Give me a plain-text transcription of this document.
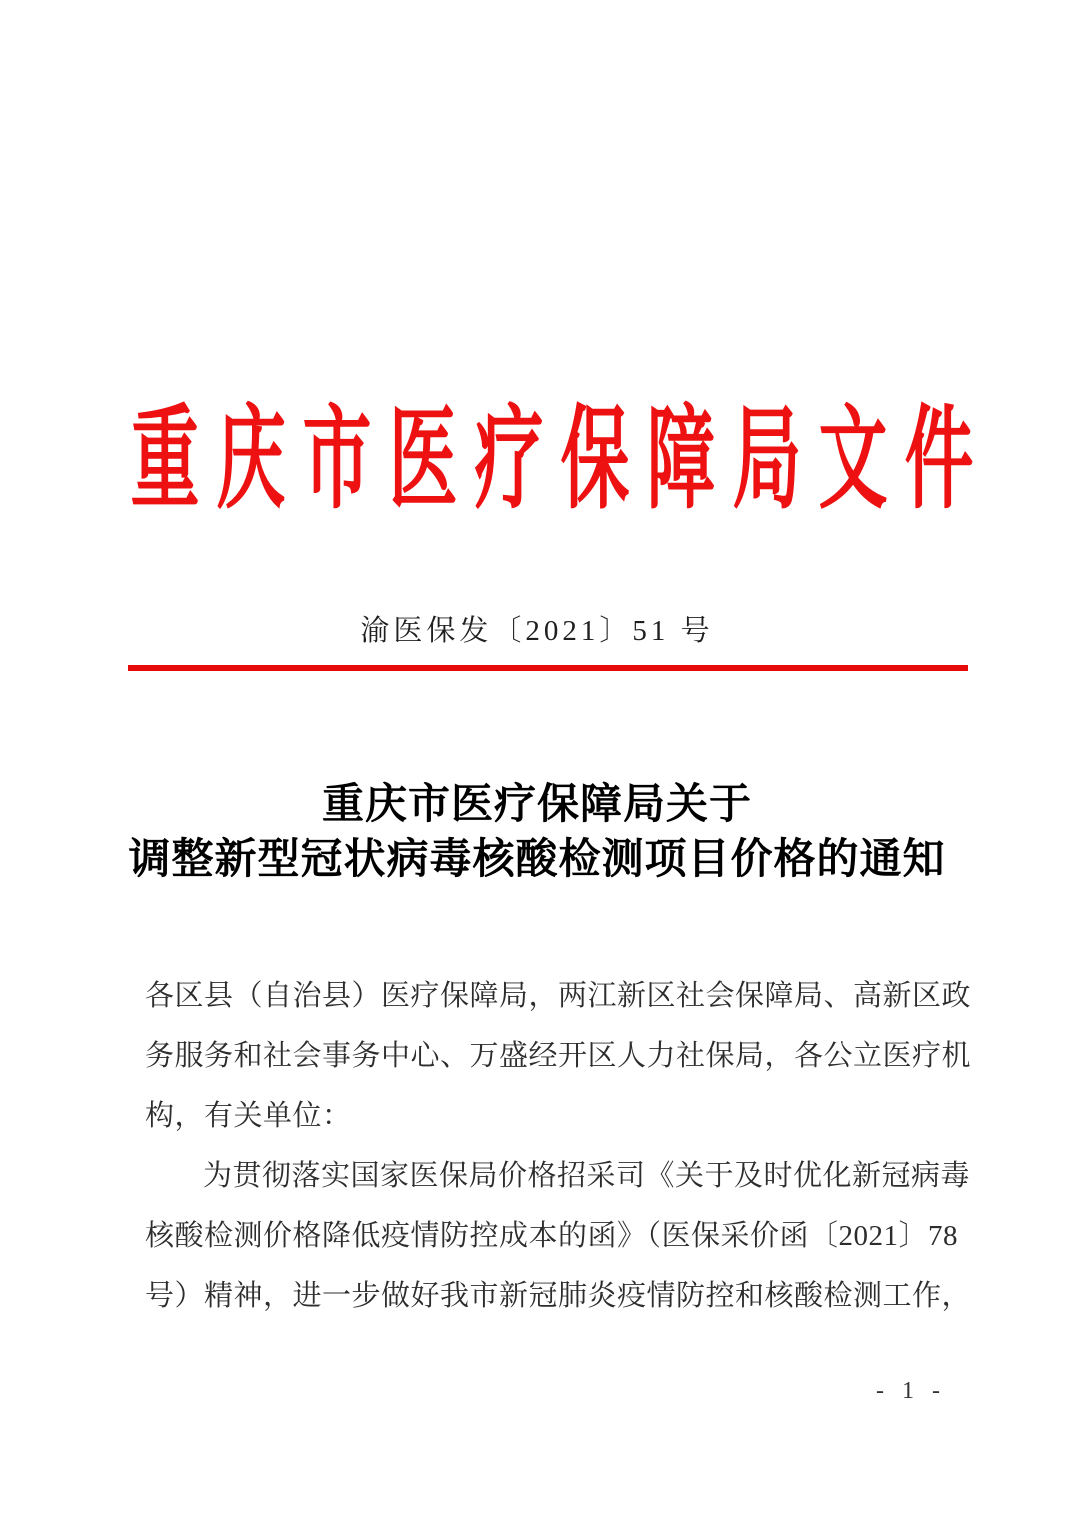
重 庆 市 医 疗 保 障 局 文 件
渝医保发〔2021〕51 号
重庆市医疗保障局关于
调整新型冠状病毒核酸检测项目价格的通知
各区县（自治县）医疗保障局，两江新区社会保障局、高新区政
务服务和社会事务中心、万盛经开区人力社保局，各公立医疗机
构，有关单位：
为贯彻落实国家医保局价格招采司《关于及时优化新冠病毒
核酸检测价格降低疫情防控成本的函》（医保采价函〔2021〕78
号）精神，进一步做好我市新冠肺炎疫情防控和核酸检测工作，
- 1 -
